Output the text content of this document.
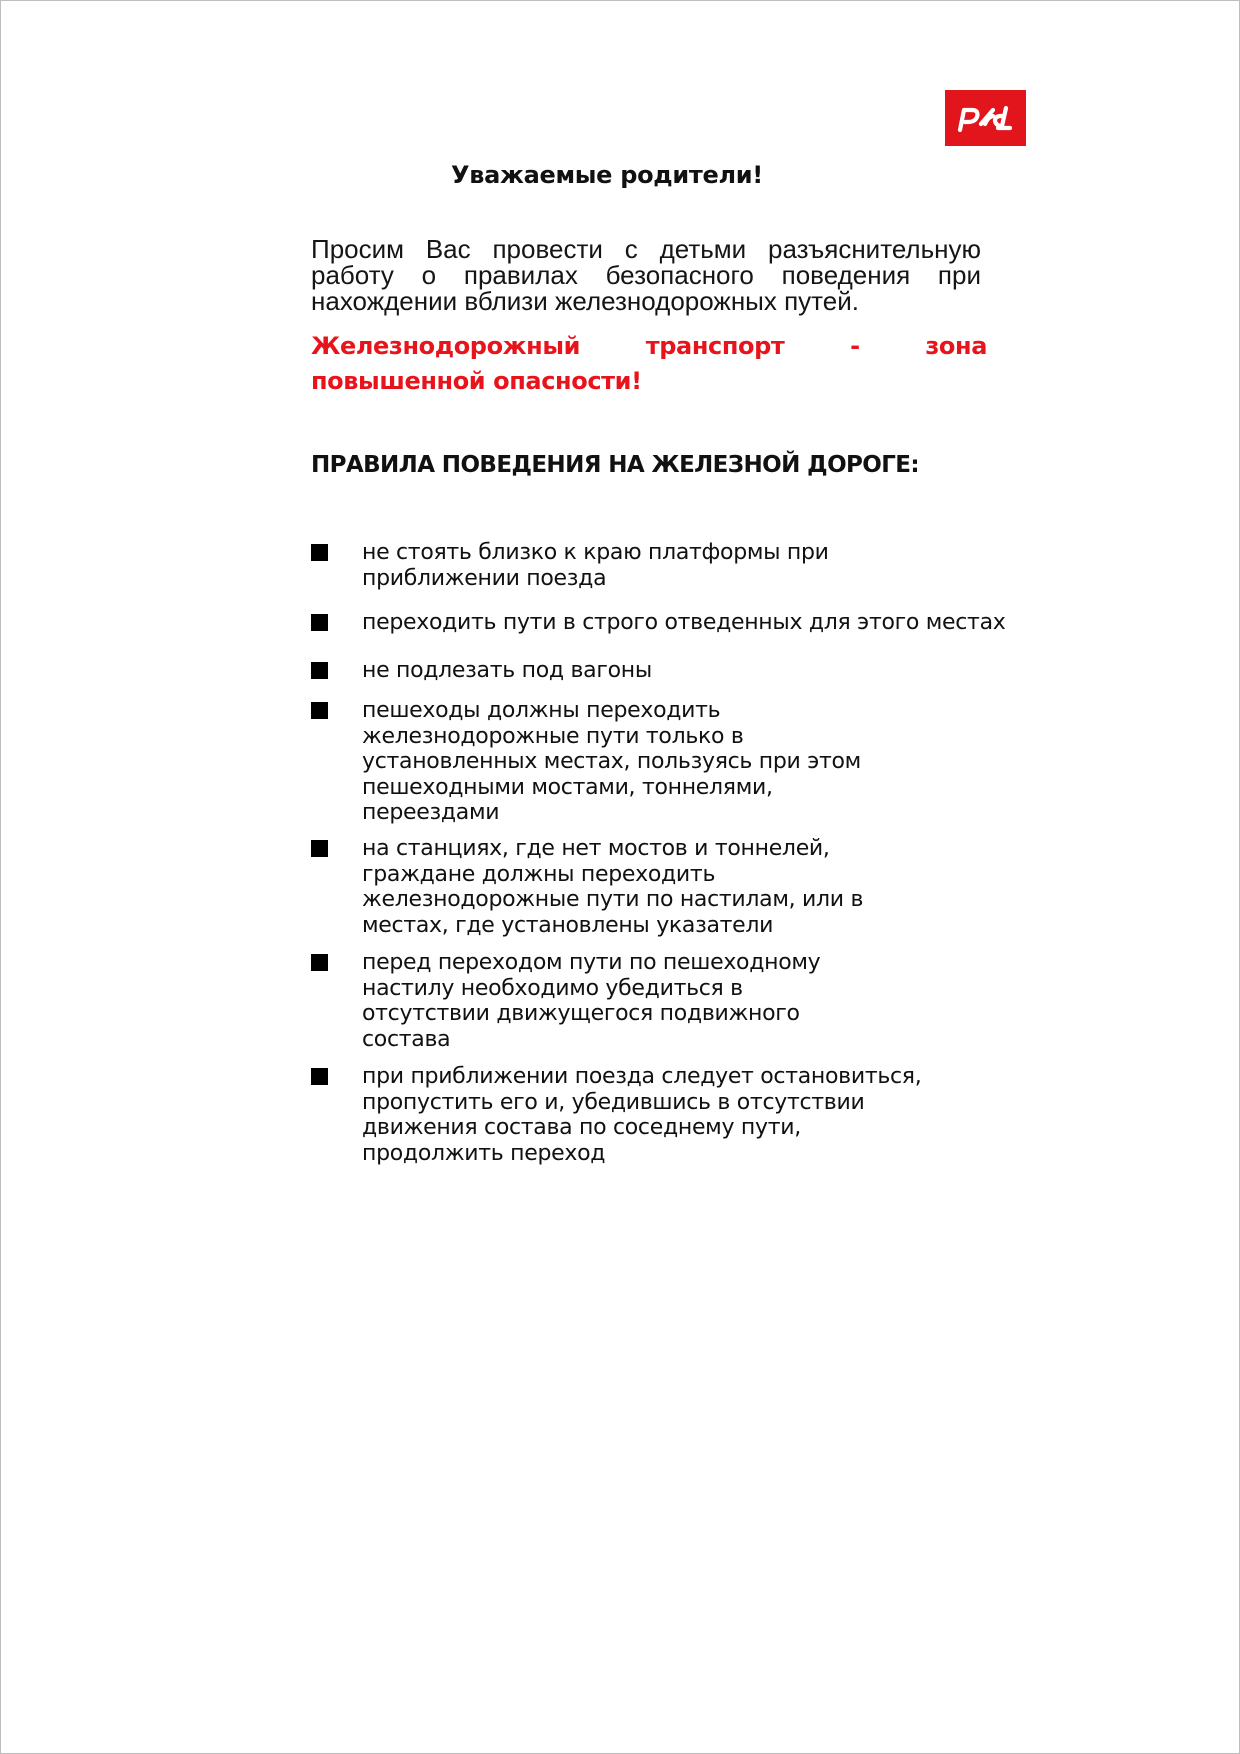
Уважаемые родители!
Просим Вас провести с детьми разъяснительную работу о правилах безопасного поведения при нахождении вблизи железнодорожных путей.
Железнодорожный транспорт - зона повышенной опасности!
ПРАВИЛА ПОВЕДЕНИЯ НА ЖЕЛЕЗНОЙ ДОРОГЕ:
не стоять близко к краю платформы при
приближении поезда
переходить пути в строго отведенных для этого местах
не подлезать под вагоны
пешеходы должны переходить
железнодорожные пути только в
установленных местах, пользуясь при этом
пешеходными мостами, тоннелями,
переездами
на станциях, где нет мостов и тоннелей,
граждане должны переходить
железнодорожные пути по настилам, или в
местах, где установлены указатели
перед переходом пути по пешеходному
настилу необходимо убедиться в
отсутствии движущегося подвижного
состава
при приближении поезда следует остановиться,
пропустить его и, убедившись в отсутствии
движения состава по соседнему пути,
продолжить переход
